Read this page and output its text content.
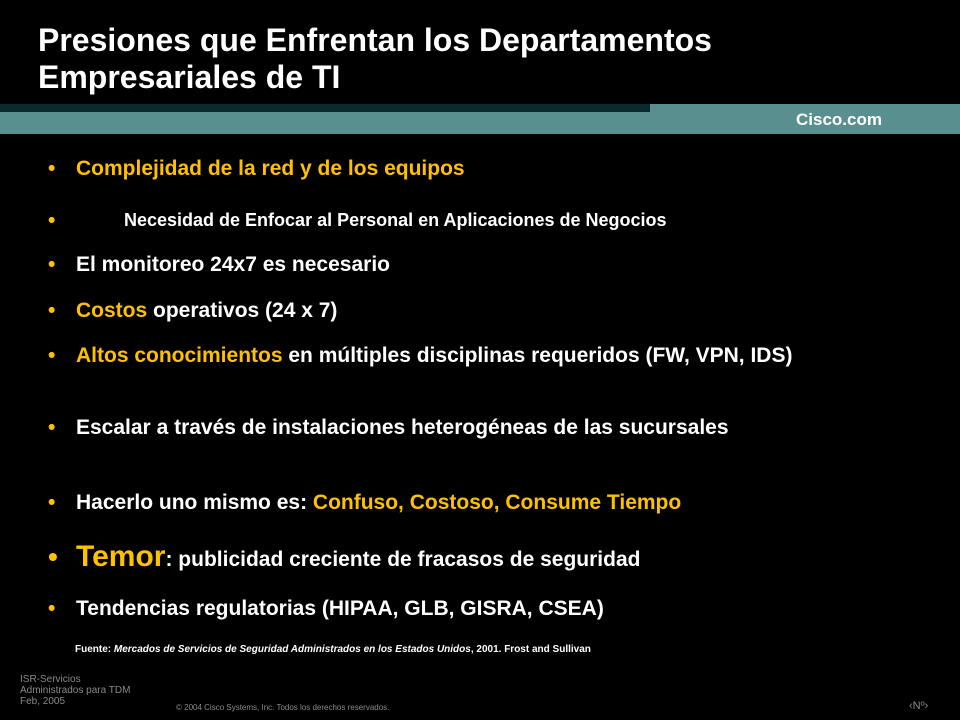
Presiones que Enfrentan los Departamentos
Empresariales de TI
Cisco.com
• Complejidad de la red y de los equipos
•	Necesidad de Enfocar al Personal en Aplicaciones de Negocios
• El monitoreo 24x7 es necesario
• Costos operativos (24 x 7)
• Altos conocimientos en múltiples disciplinas requeridos (FW, VPN, IDS)
• Escalar a través de instalaciones heterogéneas de las sucursales
• Hacerlo uno mismo es: Confuso, Costoso, Consume Tiempo
• Temor: publicidad creciente de fracasos de seguridad
• Tendencias regulatorias (HIPAA, GLB, GISRA, CSEA)
Fuente: Mercados de Servicios de Seguridad Administrados en los Estados Unidos, 2001. Frost and Sullivan
ISR-Servicios
Administrados para TDM
Feb, 2005
© 2004 Cisco Systems, Inc. Todos los derechos reservados.	‹Nº›
